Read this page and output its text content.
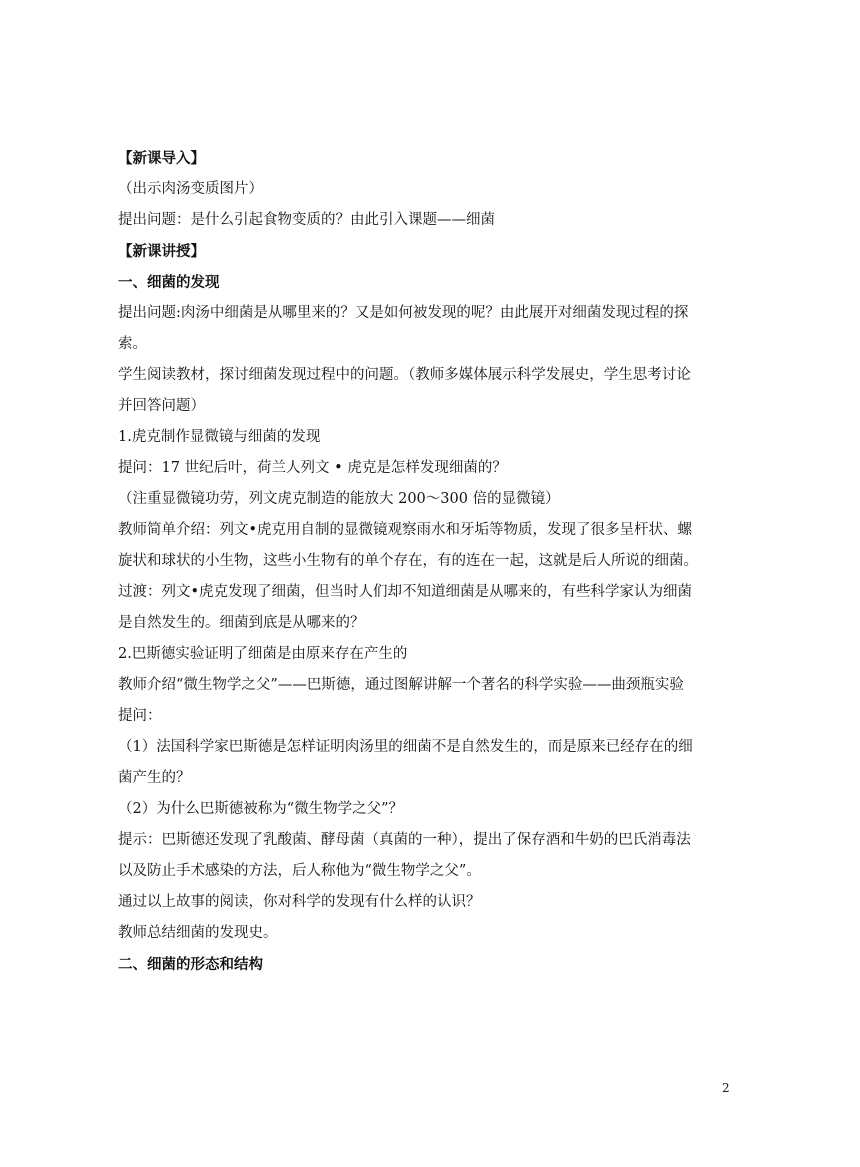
【新课导入】
（出示肉汤变质图片）
提出问题：是什么引起食物变质的？由此引入课题——细菌
【新课讲授】
一、细菌的发现
提出问题:肉汤中细菌是从哪里来的？又是如何被发现的呢？由此展开对细菌发现过程的探
索。
学生阅读教材，探讨细菌发现过程中的问题。（教师多媒体展示科学发展史，学生思考讨论
并回答问题）
1.虎克制作显微镜与细菌的发现
提问：17 世纪后叶，荷兰人列文 • 虎克是怎样发现细菌的？
（注重显微镜功劳，列文虎克制造的能放大 200～300 倍的显微镜）
教师简单介绍：列文•虎克用自制的显微镜观察雨水和牙垢等物质，发现了很多呈杆状、螺
旋状和球状的小生物，这些小生物有的单个存在，有的连在一起，这就是后人所说的细菌。
过渡：列文•虎克发现了细菌，但当时人们却不知道细菌是从哪来的，有些科学家认为细菌
是自然发生的。细菌到底是从哪来的？
2.巴斯德实验证明了细菌是由原来存在产生的
教师介绍“微生物学之父”——巴斯德，通过图解讲解一个著名的科学实验——曲颈瓶实验
提问：
（1）法国科学家巴斯德是怎样证明肉汤里的细菌不是自然发生的，而是原来已经存在的细
菌产生的？
（2）为什么巴斯德被称为“微生物学之父”？
提示：巴斯德还发现了乳酸菌、酵母菌（真菌的一种），提出了保存酒和牛奶的巴氏消毒法
以及防止手术感染的方法，后人称他为“微生物学之父”。
通过以上故事的阅读，你对科学的发现有什么样的认识？
教师总结细菌的发现史。
二、细菌的形态和结构
2
